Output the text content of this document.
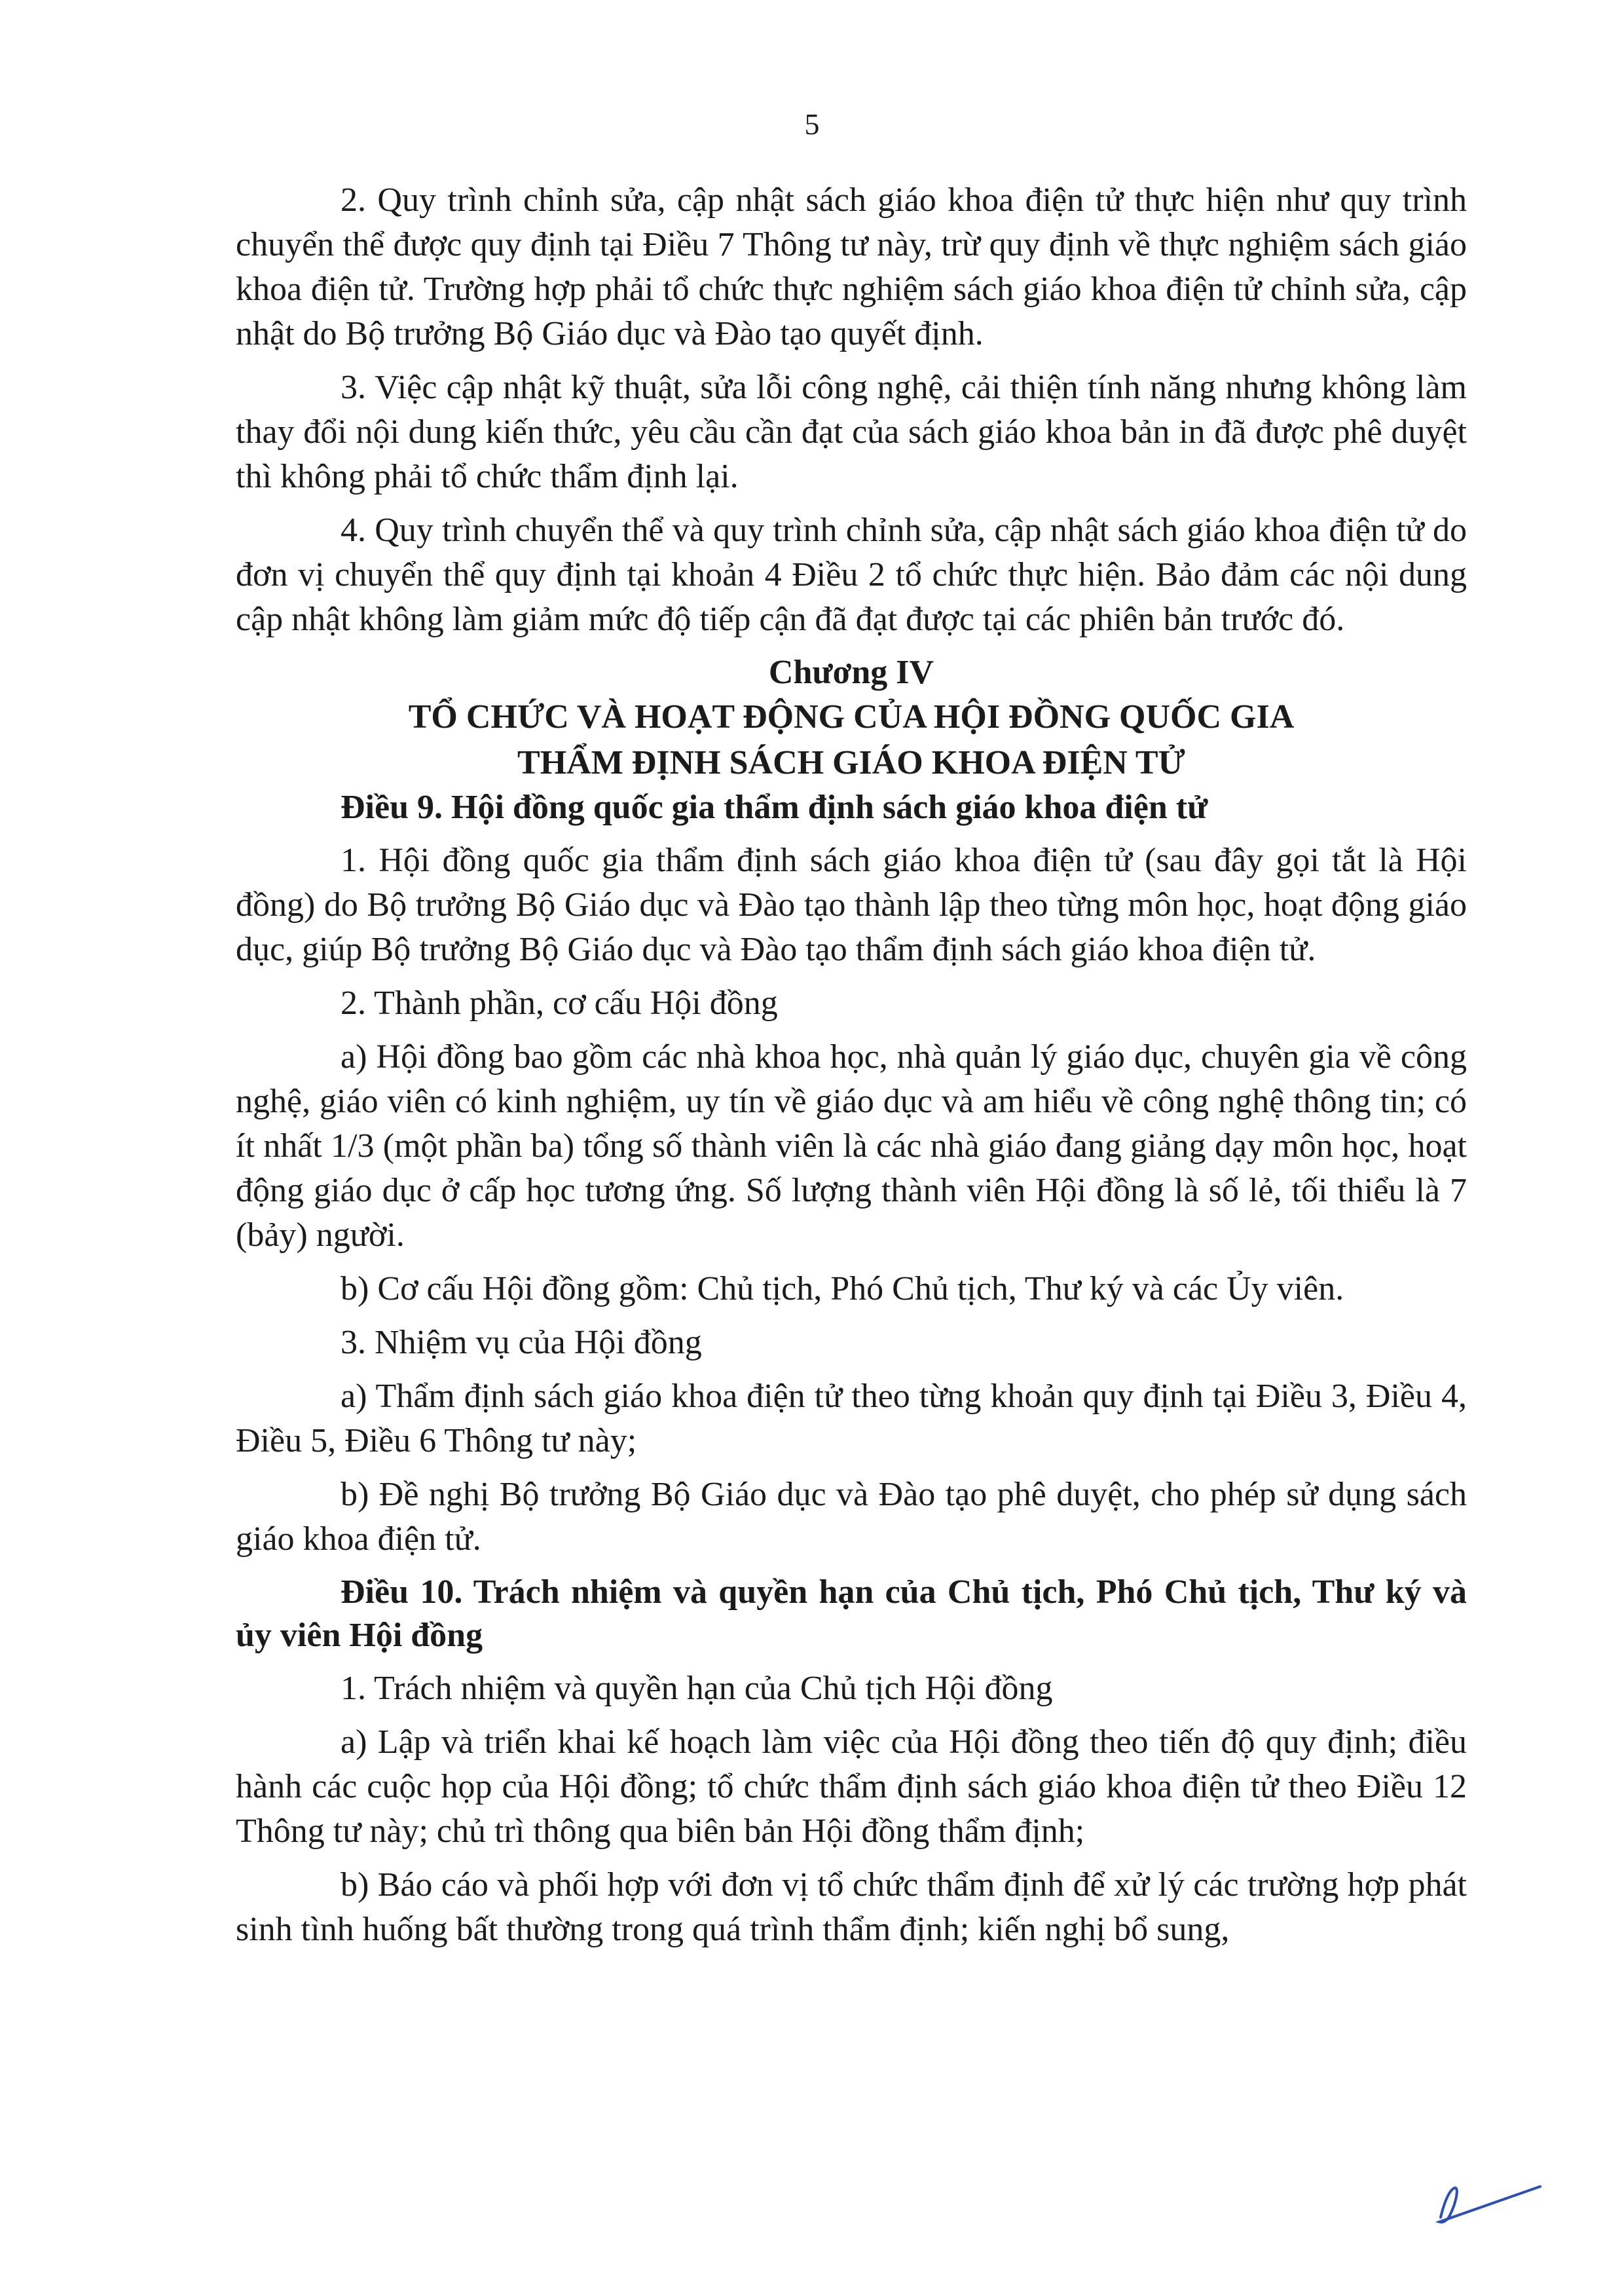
5

2. Quy trình chỉnh sửa, cập nhật sách giáo khoa điện tử thực hiện như quy trình chuyển thể được quy định tại Điều 7 Thông tư này, trừ quy định về thực nghiệm sách giáo khoa điện tử. Trường hợp phải tổ chức thực nghiệm sách giáo khoa điện tử chỉnh sửa, cập nhật do Bộ trưởng Bộ Giáo dục và Đào tạo quyết định.

3. Việc cập nhật kỹ thuật, sửa lỗi công nghệ, cải thiện tính năng nhưng không làm thay đổi nội dung kiến thức, yêu cầu cần đạt của sách giáo khoa bản in đã được phê duyệt thì không phải tổ chức thẩm định lại.

4. Quy trình chuyển thể và quy trình chỉnh sửa, cập nhật sách giáo khoa điện tử do đơn vị chuyển thể quy định tại khoản 4 Điều 2 tổ chức thực hiện. Bảo đảm các nội dung cập nhật không làm giảm mức độ tiếp cận đã đạt được tại các phiên bản trước đó.

Chương IV
TỔ CHỨC VÀ HOẠT ĐỘNG CỦA HỘI ĐỒNG QUỐC GIA
THẨM ĐỊNH SÁCH GIÁO KHOA ĐIỆN TỬ

Điều 9. Hội đồng quốc gia thẩm định sách giáo khoa điện tử

1. Hội đồng quốc gia thẩm định sách giáo khoa điện tử (sau đây gọi tắt là Hội đồng) do Bộ trưởng Bộ Giáo dục và Đào tạo thành lập theo từng môn học, hoạt động giáo dục, giúp Bộ trưởng Bộ Giáo dục và Đào tạo thẩm định sách giáo khoa điện tử.

2. Thành phần, cơ cấu Hội đồng

a) Hội đồng bao gồm các nhà khoa học, nhà quản lý giáo dục, chuyên gia về công nghệ, giáo viên có kinh nghiệm, uy tín về giáo dục và am hiểu về công nghệ thông tin; có ít nhất 1/3 (một phần ba) tổng số thành viên là các nhà giáo đang giảng dạy môn học, hoạt động giáo dục ở cấp học tương ứng. Số lượng thành viên Hội đồng là số lẻ, tối thiểu là 7 (bảy) người.

b) Cơ cấu Hội đồng gồm: Chủ tịch, Phó Chủ tịch, Thư ký và các Ủy viên.

3. Nhiệm vụ của Hội đồng

a) Thẩm định sách giáo khoa điện tử theo từng khoản quy định tại Điều 3, Điều 4, Điều 5, Điều 6 Thông tư này;

b) Đề nghị Bộ trưởng Bộ Giáo dục và Đào tạo phê duyệt, cho phép sử dụng sách giáo khoa điện tử.

Điều 10. Trách nhiệm và quyền hạn của Chủ tịch, Phó Chủ tịch, Thư ký và ủy viên Hội đồng

1. Trách nhiệm và quyền hạn của Chủ tịch Hội đồng

a) Lập và triển khai kế hoạch làm việc của Hội đồng theo tiến độ quy định; điều hành các cuộc họp của Hội đồng; tổ chức thẩm định sách giáo khoa điện tử theo Điều 12 Thông tư này; chủ trì thông qua biên bản Hội đồng thẩm định;

b) Báo cáo và phối hợp với đơn vị tổ chức thẩm định để xử lý các trường hợp phát sinh tình huống bất thường trong quá trình thẩm định; kiến nghị bổ sung,
